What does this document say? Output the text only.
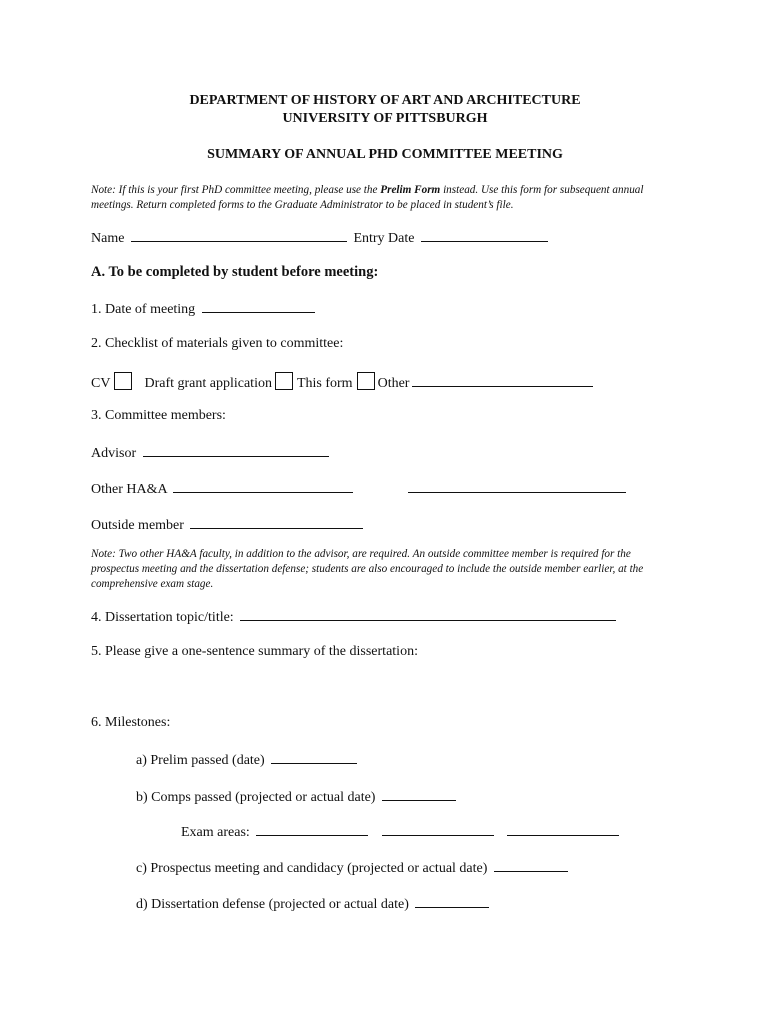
DEPARTMENT OF HISTORY OF ART AND ARCHITECTURE
UNIVERSITY OF PITTSBURGH
SUMMARY OF ANNUAL PHD COMMITTEE MEETING
Note: If this is your first PhD committee meeting, please use the Prelim Form instead. Use this form for subsequent annual meetings. Return completed forms to the Graduate Administrator to be placed in student’s file.
Name	Entry Date
A. To be completed by student before meeting:
1. Date of meeting
2. Checklist of materials given to committee:
CV Draft grant application This form Other
3. Committee members:
Advisor
Other HA&A
Outside member
Note: Two other HA&A faculty, in addition to the advisor, are required. An outside committee member is required for the prospectus meeting and the dissertation defense; students are also encouraged to include the outside member earlier, at the comprehensive exam stage.
4. Dissertation topic/title:
5. Please give a one-sentence summary of the dissertation:
6. Milestones:
a) Prelim passed (date)
b) Comps passed (projected or actual date)
Exam areas:
c) Prospectus meeting and candidacy (projected or actual date)
d) Dissertation defense (projected or actual date)
